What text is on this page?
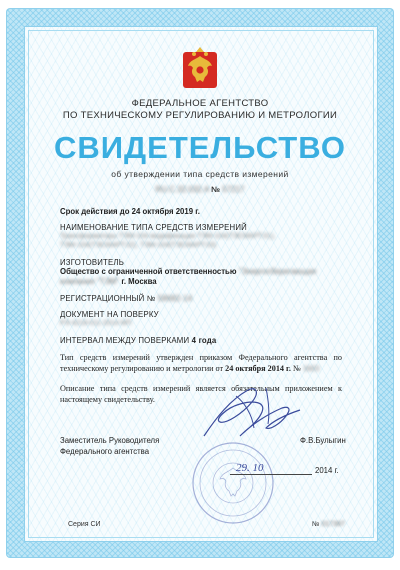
ФЕДЕРАЛЬНОЕ АГЕНТСТВО
ПО ТЕХНИЧЕСКОМУ РЕГУЛИРОВАНИЮ И МЕТРОЛОГИИ
СВИДЕТЕЛЬСТВО
об утверждении типа средств измерений
RU.C.32.032.A № 57217
Срок действия до 24 октября 2019 г.
НАИМЕНОВАНИЕ ТИПА СРЕДСТВ ИЗМЕРЕНИЙ
Трансформаторы ТЭМ-104 модификации ТЭМ-104(ТЭСМАРТ.01),
ТЭМ-104(ТЭСМАРТ.02), ТЭМ-104(ТЭСМАРТ.03)
ИЗГОТОВИТЕЛЬ
Общество с ограниченной ответственностью "Энергосберегающая
компания "ТЭМ" г. Москва
РЕГИСТРАЦИОННЫЙ № 58682-14
ДОКУМЕНТ НА ПОВЕРКУ
РЭ 4218-011-2014 МП
ИНТЕРВАЛ МЕЖДУ ПОВЕРКАМИ 4 года
Тип средств измерений утвержден приказом Федерального агентства по техническому регулированию и метрологии от 24 октября 2014 г. № 1603
Описание типа средств измерений является обязательным приложением к настоящему свидетельству.
Заместитель Руководителя
Федерального агентства
Ф.В.Булыгин
29. 10	2014 г.
Серия СИ	№ 017397
